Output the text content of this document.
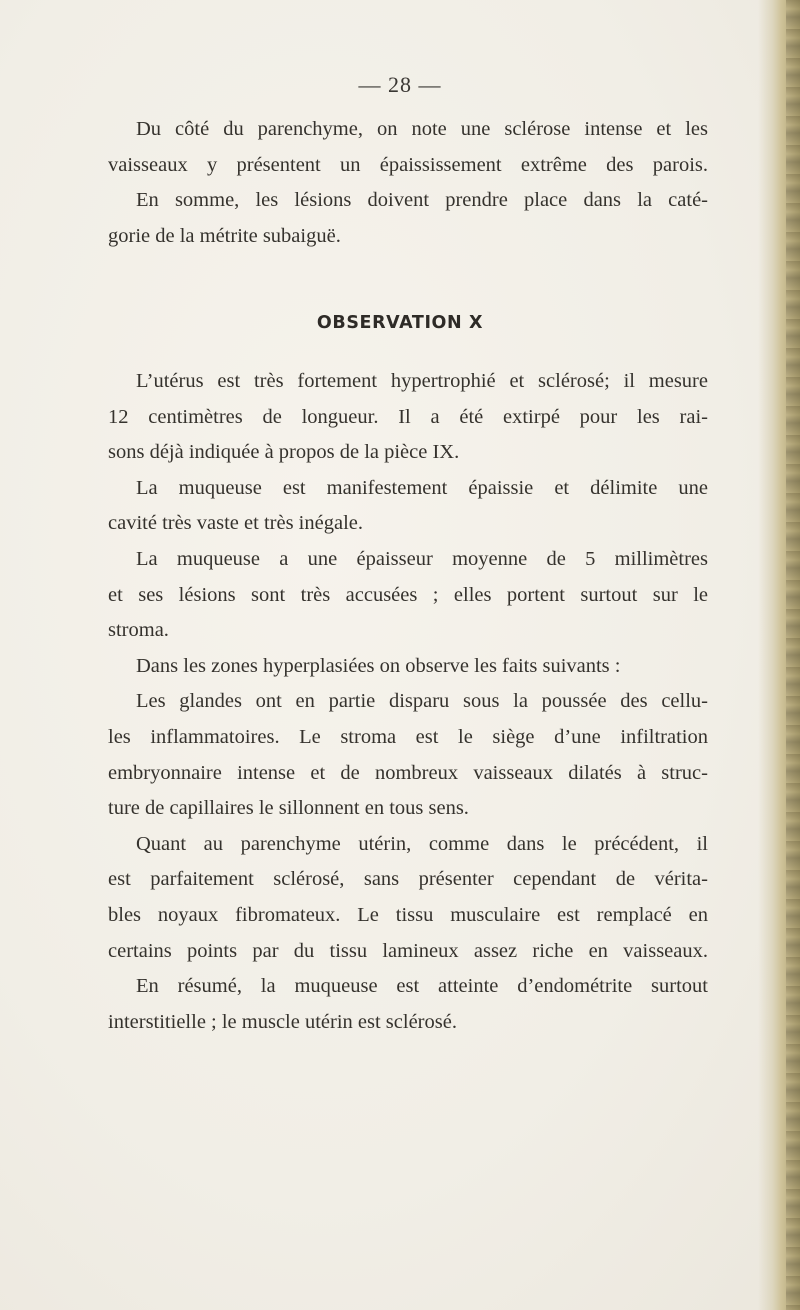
— 28 —
Du côté du parenchyme, on note une sclérose intense et les
vaisseaux y présentent un épaississement extrême des parois.
En somme, les lésions doivent prendre place dans la caté-
gorie de la métrite subaiguë.
OBSERVATION X
L’utérus est très fortement hypertrophié et sclérosé; il mesure
12 centimètres de longueur. Il a été extirpé pour les rai-
sons déjà indiquée à propos de la pièce IX.
La muqueuse est manifestement épaissie et délimite une
cavité très vaste et très inégale.
La muqueuse a une épaisseur moyenne de 5 millimètres
et ses lésions sont très accusées ; elles portent surtout sur le
stroma.
Dans les zones hyperplasiées on observe les faits suivants :
Les glandes ont en partie disparu sous la poussée des cellu-
les inflammatoires. Le stroma est le siège d’une infiltration
embryonnaire intense et de nombreux vaisseaux dilatés à struc-
ture de capillaires le sillonnent en tous sens.
Quant au parenchyme utérin, comme dans le précédent, il
est parfaitement sclérosé, sans présenter cependant de vérita-
bles noyaux fibromateux. Le tissu musculaire est remplacé en
certains points par du tissu lamineux assez riche en vaisseaux.
En résumé, la muqueuse est atteinte d’endométrite surtout
interstitielle ; le muscle utérin est sclérosé.
